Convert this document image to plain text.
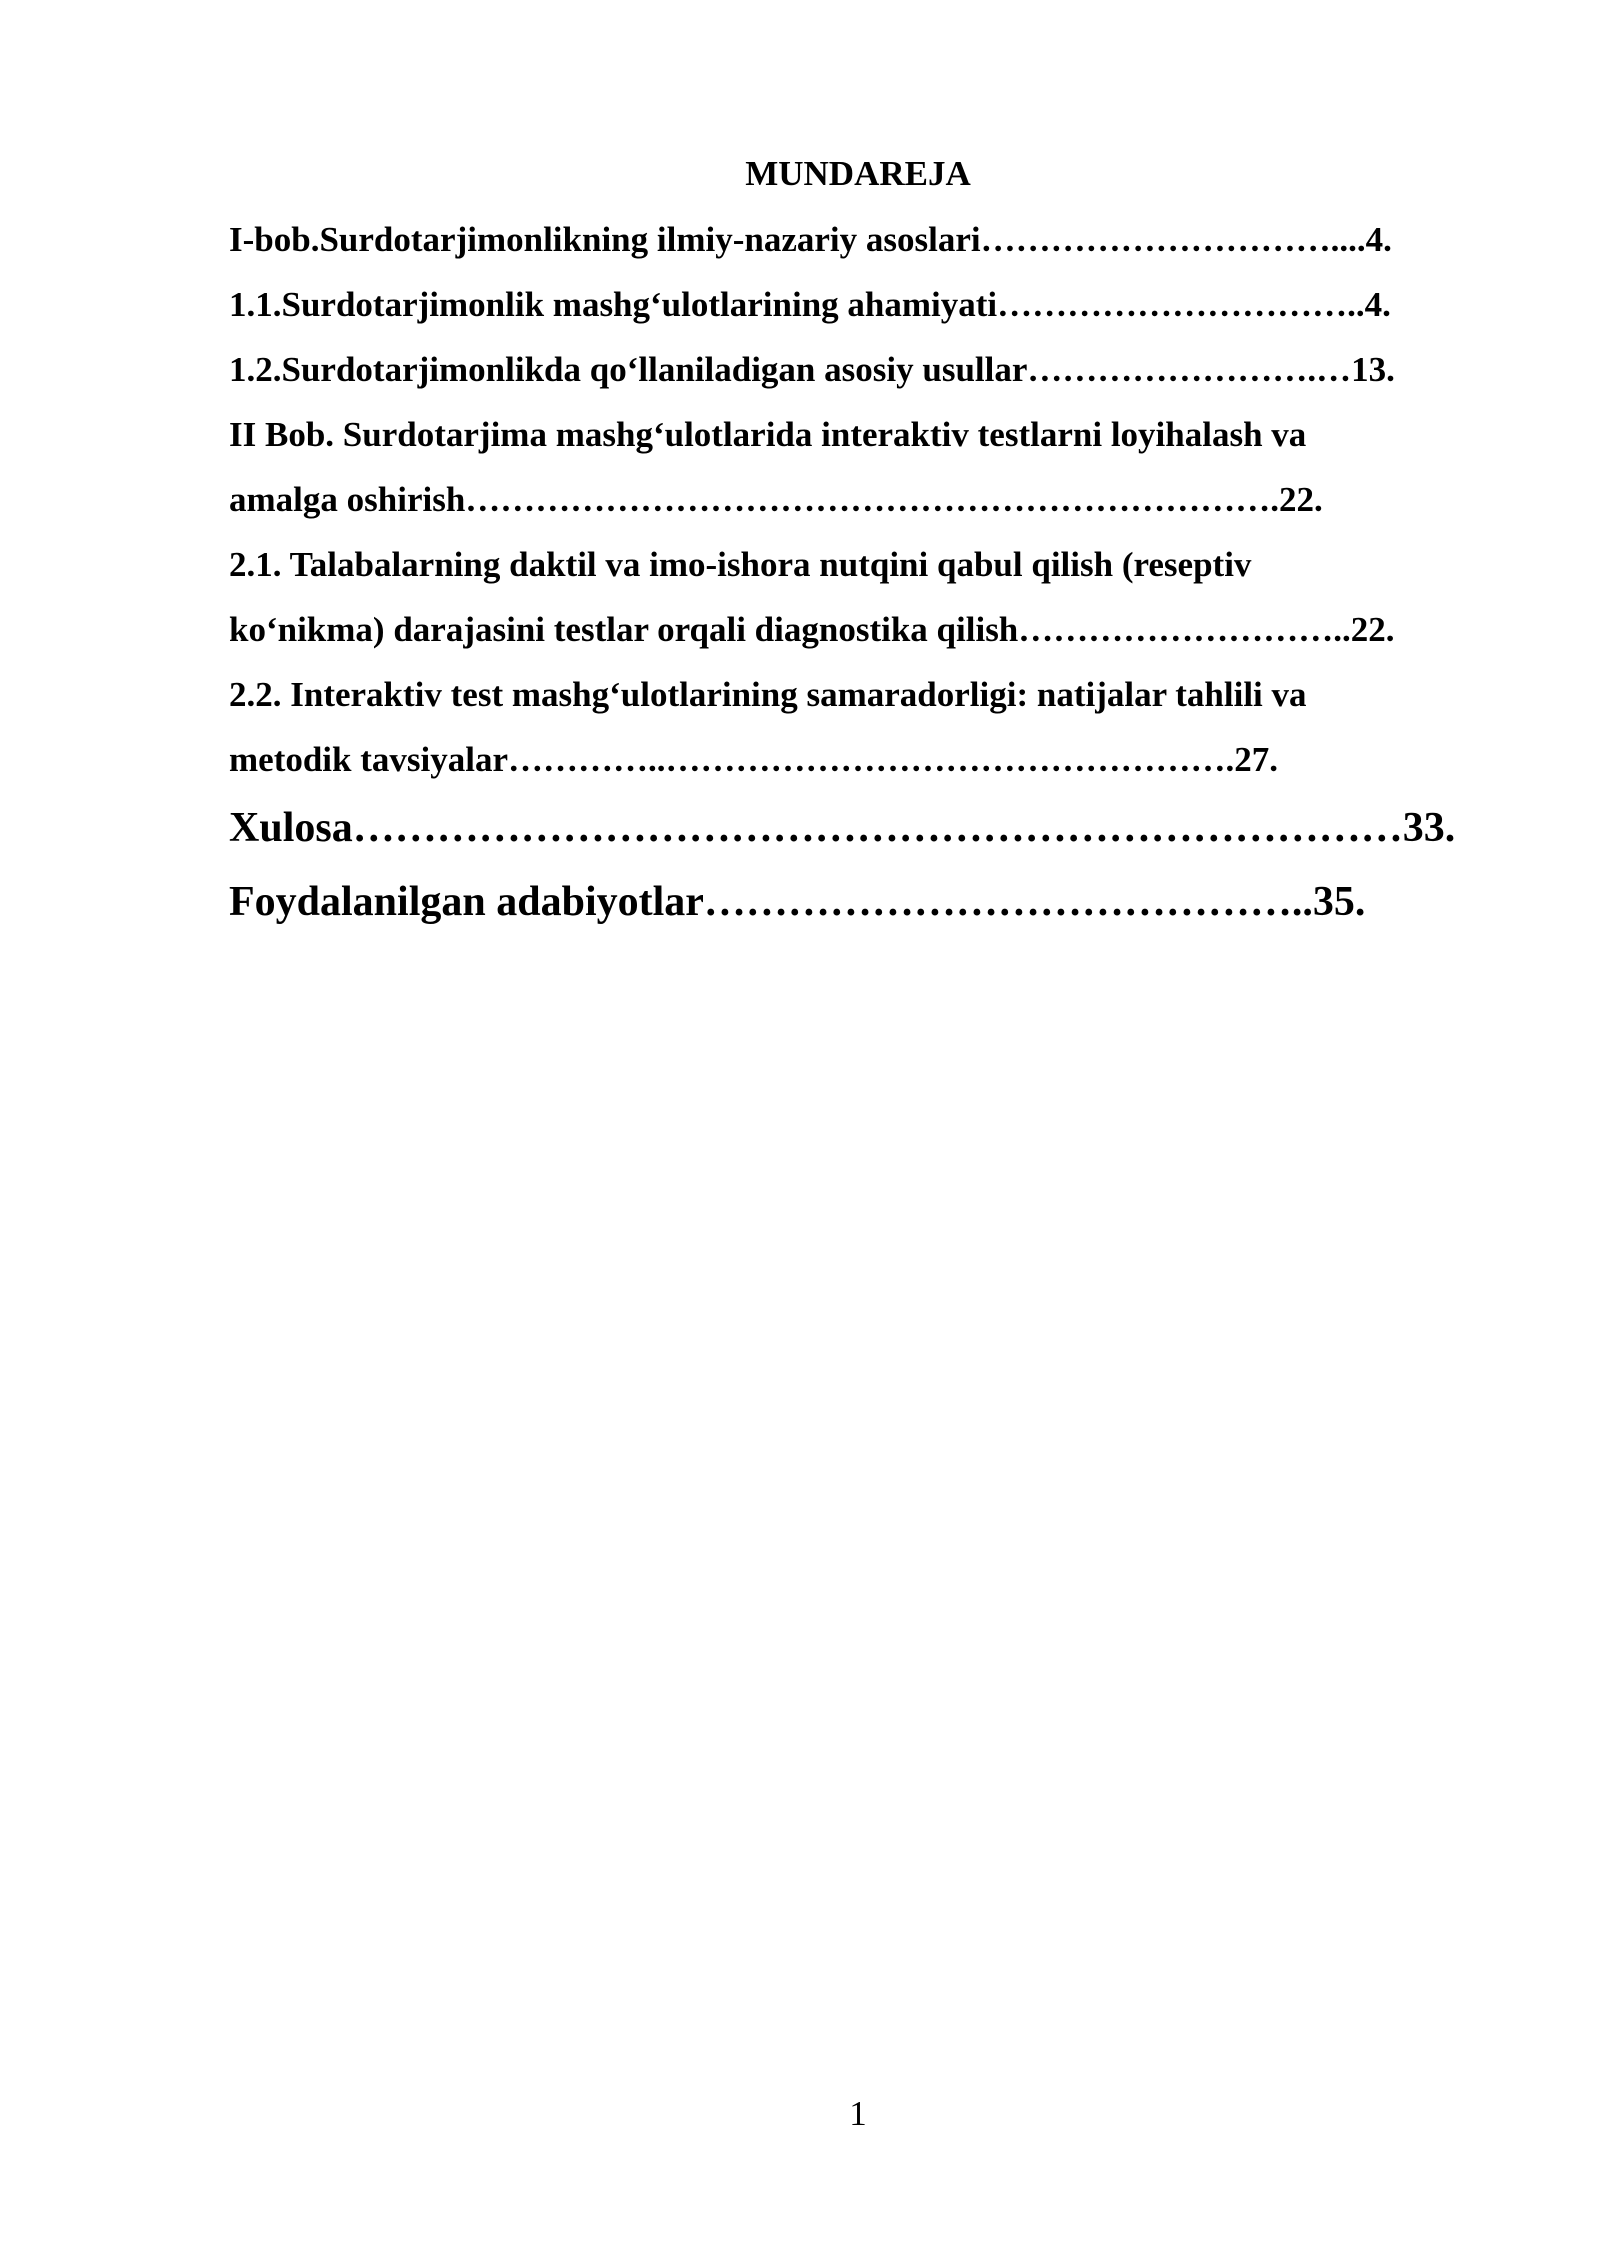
MUNDAREJA
I-bob.Surdotarjimonlikning ilmiy-nazariy asoslari…………………………....4.
1.1.Surdotarjimonlik mashg‘ulotlarining ahamiyati…………………………..4.
1.2.Surdotarjimonlikda qo‘llaniladigan asosiy usullar…………………….…13.
II Bob. Surdotarjima mashg‘ulotlarida interaktiv testlarni loyihalash va
amalga oshirish…………………………………………………………….22.
2.1. Talabalarning daktil va imo-ishora nutqini qabul qilish (reseptiv
ko‘nikma) darajasini testlar orqali diagnostika qilish………………………..22.
2.2. Interaktiv test mashg‘ulotlarining samaradorligi: natijalar tahlili va
metodik tavsiyalar…………..………………………………………….27.
Xulosa…………………………………………………………………33.
Foydalanilgan adabiyotlar……………………………………..35.
1
